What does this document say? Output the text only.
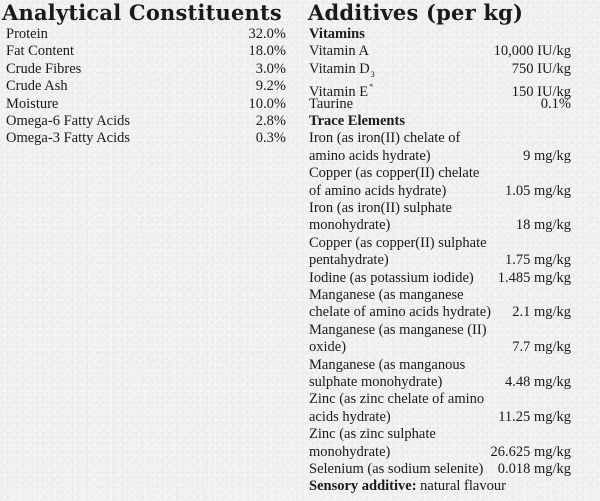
Analytical Constituents
Protein	32.0%
Fat Content	18.0%
Crude Fibres	3.0%
Crude Ash	9.2%
Moisture	10.0%
Omega-6 Fatty Acids	2.8%
Omega-3 Fatty Acids	0.3%
Additives (per kg)
Vitamins
Vitamin A	10,000 IU/kg
Vitamin $D_3$	750 IU/kg
Vitamin E*	150 IU/kg
Taurine	0.1%
Trace Elements
Iron (as iron(II) chelate of
amino acids hydrate)	9 mg/kg
Copper (as copper(II) chelate
of amino acids hydrate)	1.05 mg/kg
Iron (as iron(II) sulphate
monohydrate)	18 mg/kg
Copper (as copper(II) sulphate
pentahydrate)	1.75 mg/kg
Iodine (as potassium iodide)	1.485 mg/kg
Manganese (as manganese
chelate of amino acids hydrate)	2.1 mg/kg
Manganese (as manganese (II)
oxide)	7.7 mg/kg
Manganese (as manganous
sulphate monohydrate)	4.48 mg/kg
Zinc (as zinc chelate of amino
acids hydrate)	11.25 mg/kg
Zinc (as zinc sulphate
monohydrate)	26.625 mg/kg
Selenium (as sodium selenite) 0.018 mg/kg
Sensory additive: natural flavour
